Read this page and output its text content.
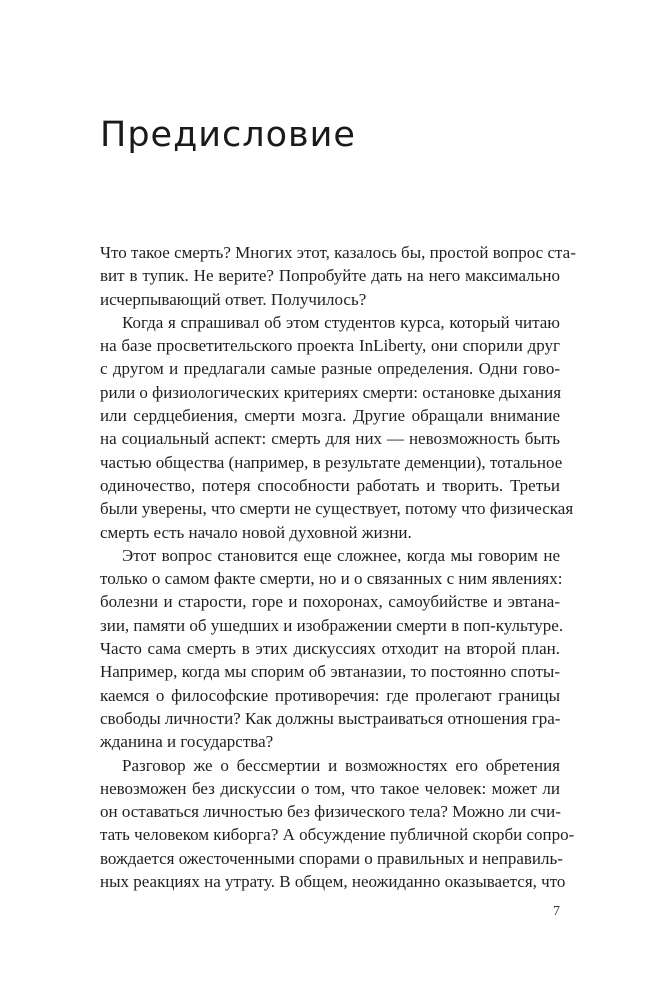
Предисловие
Что такое смерть? Многих этот, казалось бы, простой вопрос ста-
вит в тупик. Не верите? Попробуйте дать на него максимально
исчерпывающий ответ. Получилось?
Когда я спрашивал об этом студентов курса, который читаю
на базе просветительского проекта InLiberty, они спорили друг
с другом и предлагали самые разные определения. Одни гово-
рили о физиологических критериях смерти: остановке дыхания
или сердцебиения, смерти мозга. Другие обращали внимание
на социальный аспект: смерть для них — невозможность быть
частью общества (например, в результате деменции), тотальное
одиночество, потеря способности работать и творить. Третьи
были уверены, что смерти не существует, потому что физическая
смерть есть начало новой духовной жизни.
Этот вопрос становится еще сложнее, когда мы говорим не
только о самом факте смерти, но и о связанных с ним явлениях:
болезни и старости, горе и похоронах, самоубийстве и эвтана-
зии, памяти об ушедших и изображении смерти в поп-культуре.
Часто сама смерть в этих дискуссиях отходит на второй план.
Например, когда мы спорим об эвтаназии, то постоянно споты-
каемся о философские противоречия: где пролегают границы
свободы личности? Как должны выстраиваться отношения гра-
жданина и государства?
Разговор же о бессмертии и возможностях его обретения
невозможен без дискуссии о том, что такое человек: может ли
он оставаться личностью без физического тела? Можно ли счи-
тать человеком киборга? А обсуждение публичной скорби сопро-
вождается ожесточенными спорами о правильных и неправиль-
ных реакциях на утрату. В общем, неожиданно оказывается, что
7
